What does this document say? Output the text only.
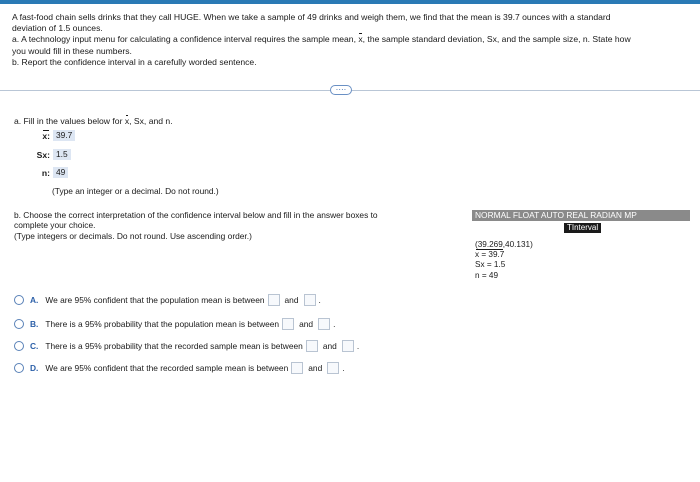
A fast-food chain sells drinks that they call HUGE. When we take a sample of 49 drinks and weigh them, we find that the mean is 39.7 ounces with a standard

deviation of 1.5 ounces.

a. A technology input menu for calculating a confidence interval requires the sample mean, x, the sample standard deviation, Sx, and the sample size, n. State how

you would fill in these numbers.

b. Report the confidence interval in a carefully worded sentence.

····
a. Fill in the values below for x, Sx, and n.
x: 39.7
Sx: 1.5
n: 49
(Type an integer or a decimal. Do not round.)
b. Choose the correct interpretation of the confidence interval below and fill in the answer boxes to
complete your choice.
(Type integers or decimals. Do not round. Use ascending order.)
NORMAL FLOAT AUTO REAL RADIAN MP
TInterval
(39.269,40.131)
x = 39.7
Sx = 1.5
n = 49
A. We are 95% confident that the population mean is between and .
B. There is a 95% probability that the population mean is between and .
C. There is a 95% probability that the recorded sample mean is between and .
D. We are 95% confident that the recorded sample mean is between and .
